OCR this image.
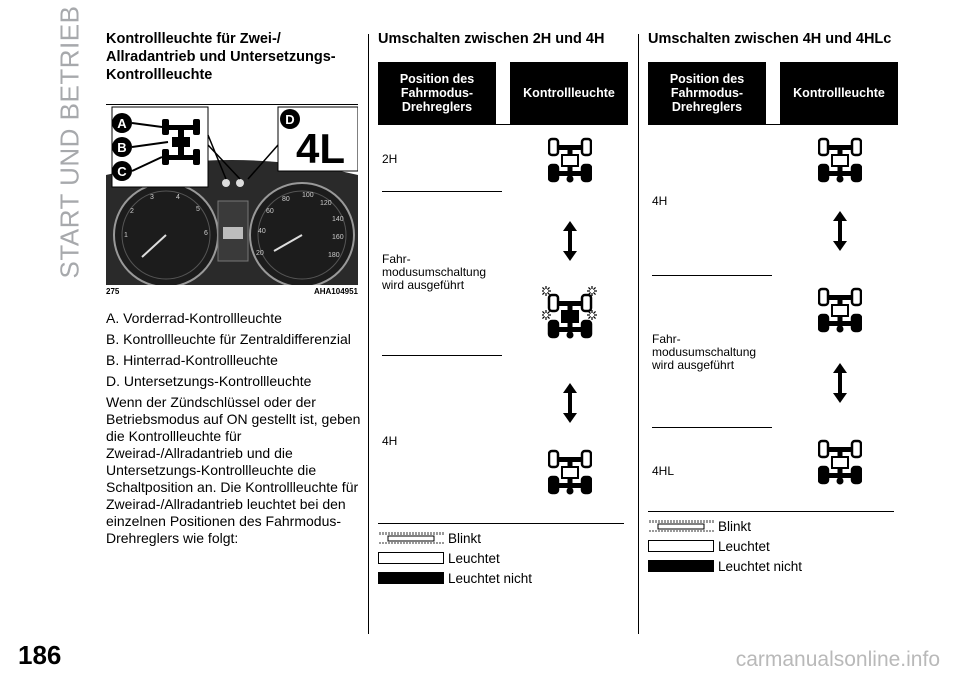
START UND BETRIEB Kontrollleuchte für Zwei-/ Allradantrieb und Untersetzungs-Kontrollleuchte
1
2
3	4
5
6
20
40
60
80
100
120
140
160
180
A
B
C
D
4L
275	AHA104951

A. Vorderrad-Kontrollleuchte

B. Kontrollleuchte für Zentraldifferenzial

B. Hinterrad-Kontrollleuchte

D. Untersetzungs-Kontrollleuchte

Wenn der Zündschlüssel oder der Betriebsmodus auf ON gestellt ist, geben die Kontrollleuchte für Zweirad-/Allradantrieb und die Untersetzungs-Kontrollleuchte die Schaltposition an. Die Kontrollleuchte für Zweirad-/Allradantrieb leuchtet bei den einzelnen Positionen des Fahrmodus-Drehreglers wie folgt:

Umschalten zwischen 2H und 4H
Position des Fahrmodus-Drehreglers
Kontrollleuchte
2H
Fahr-modusumschaltung wird ausgeführt
4H
Blinkt
Leuchtet
Leuchtet nicht
Umschalten zwischen 4H und 4HLc
Position des Fahrmodus-Drehreglers
Kontrollleuchte
4H
Fahr-modusumschaltung wird ausgeführt
4HL
Blinkt
Leuchtet
Leuchtet nicht
186	carmanualsonline.info
